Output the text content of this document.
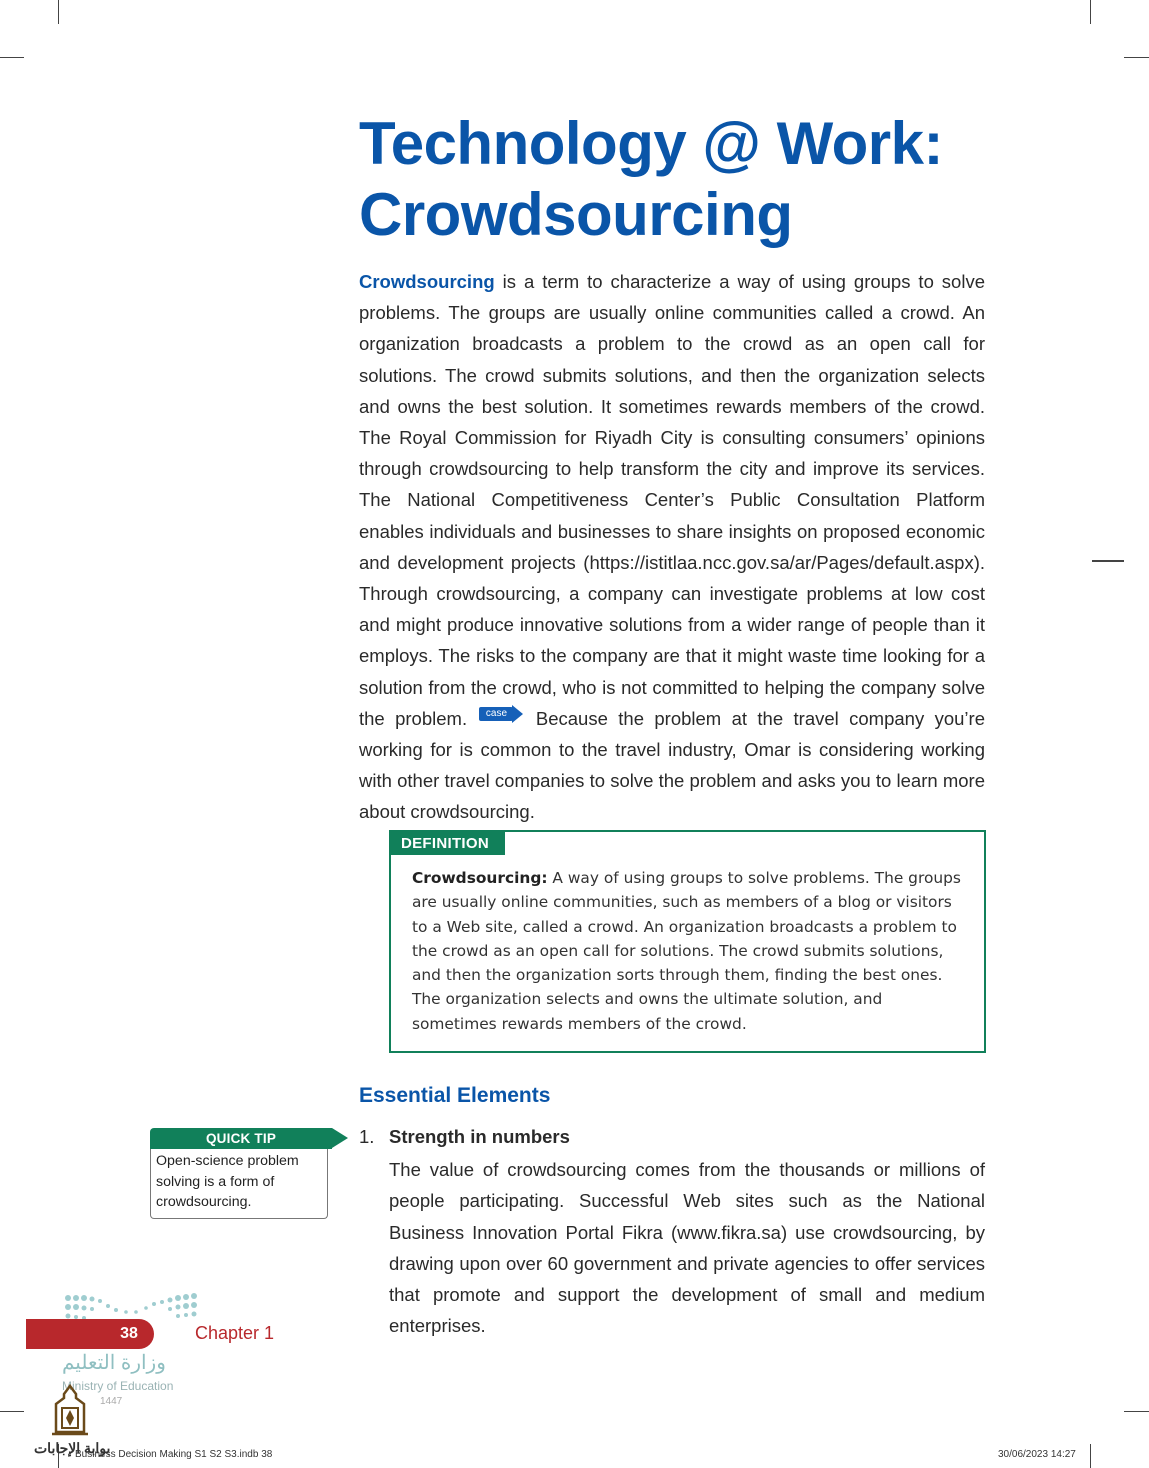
Technology @ Work:
Crowdsourcing

Crowdsourcing is a term to characterize a way of using groups to solve problems. The groups are usually online communities called a crowd. An organization broadcasts a problem to the crowd as an open call for solutions. The crowd submits solutions, and then the organization selects and owns the best solution. It sometimes rewards members of the crowd. The Royal Commission for Riyadh City is consulting consumers’ opinions through crowdsourcing to help transform the city and improve its services. The National Competitiveness Center’s Public Consultation Platform enables individuals and businesses to share insights on proposed economic and development projects (https://istitlaa.ncc.gov.sa/ar/Pages/default.aspx). Through crowdsourcing, a company can investigate problems at low cost and might produce innovative solutions from a wider range of people than it employs. The risks to the company are that it might waste time looking for a solution from the crowd, who is not committed to helping the company solve the problem.	case	Because the problem at the travel company you’re working for is common to the travel industry, Omar is considering working with other travel companies to solve the problem and asks you to learn more about crowdsourcing.

DEFINITION

Crowdsourcing: A way of using groups to solve problems. The groups are usually online communities, such as members of a blog or visitors to a Web site, called a crowd. An organization broadcasts a problem to the crowd as an open call for solutions. The crowd submits solutions, and then the organization sorts through them, finding the best ones. The organization selects and owns the ultimate solution, and sometimes rewards members of the crowd.

Essential Elements
1. Strength in numbers

The value of crowdsourcing comes from the thousands or millions of people participating. Successful Web sites such as the National Business Innovation Portal Fikra (www.fikra.sa) use crowdsourcing, by drawing upon over 60 government and private agencies to offer services that promote and support the development of small and medium enterprises.

QUICK TIP

Open-science problem solving is a form of crowdsourcing.

38	Chapter 1
وزارة التعليم
Ministry of Education
1447
بوابة الإجابات
Business Decision Making S1 S2 S3.indb 38	30/06/2023 14:27
